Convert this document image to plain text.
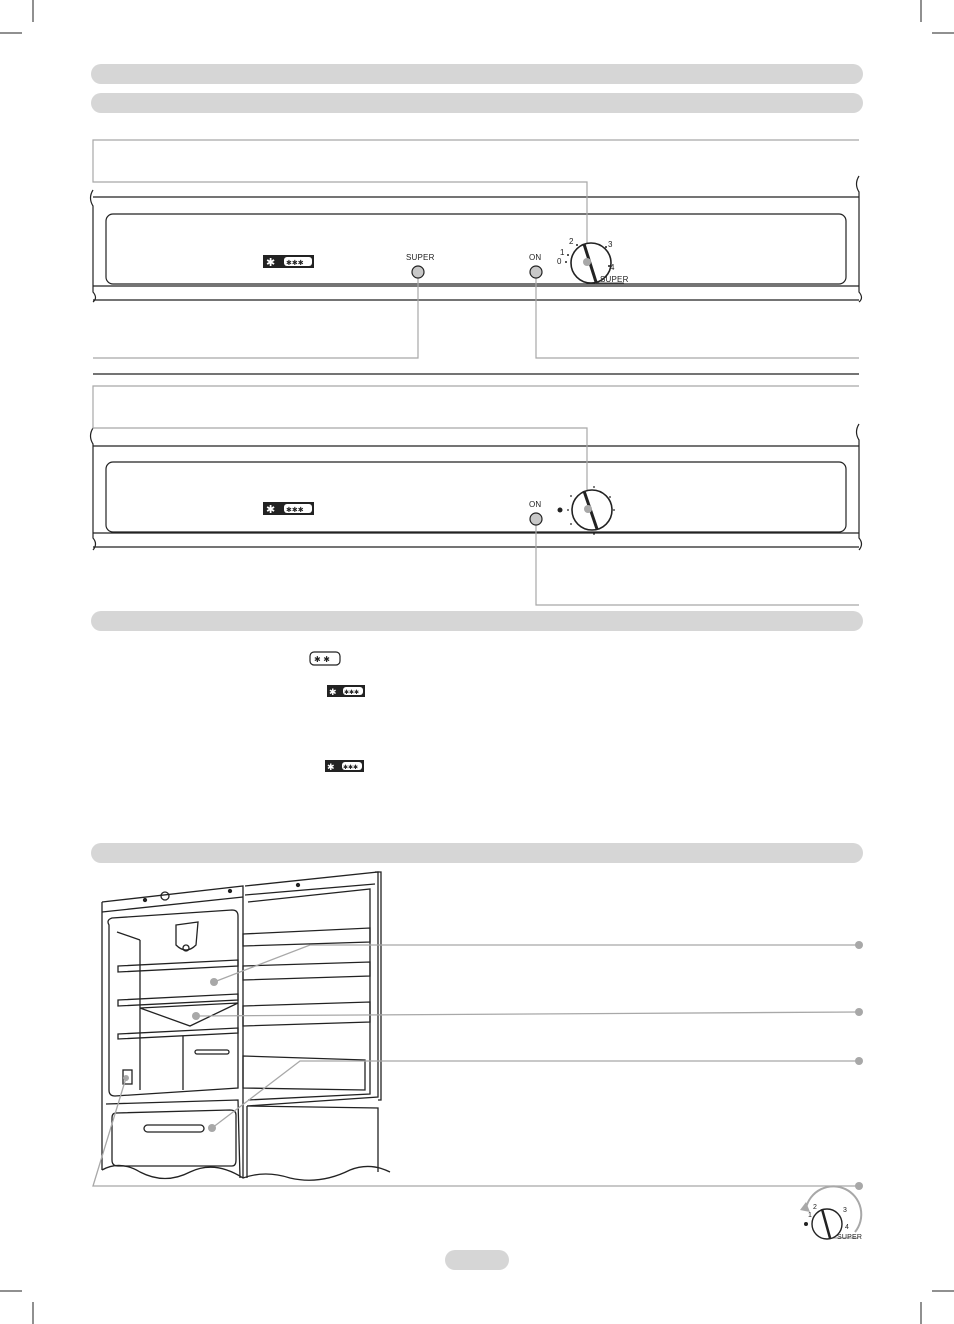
✱ ✱✱✱
SUPER	ON 0
1
2	3
4
SUPER
✱ ✱✱✱
ON
✱ ✱
✱ ✱✱✱
✱ ✱✱✱
1
2	3
4
SUPER
